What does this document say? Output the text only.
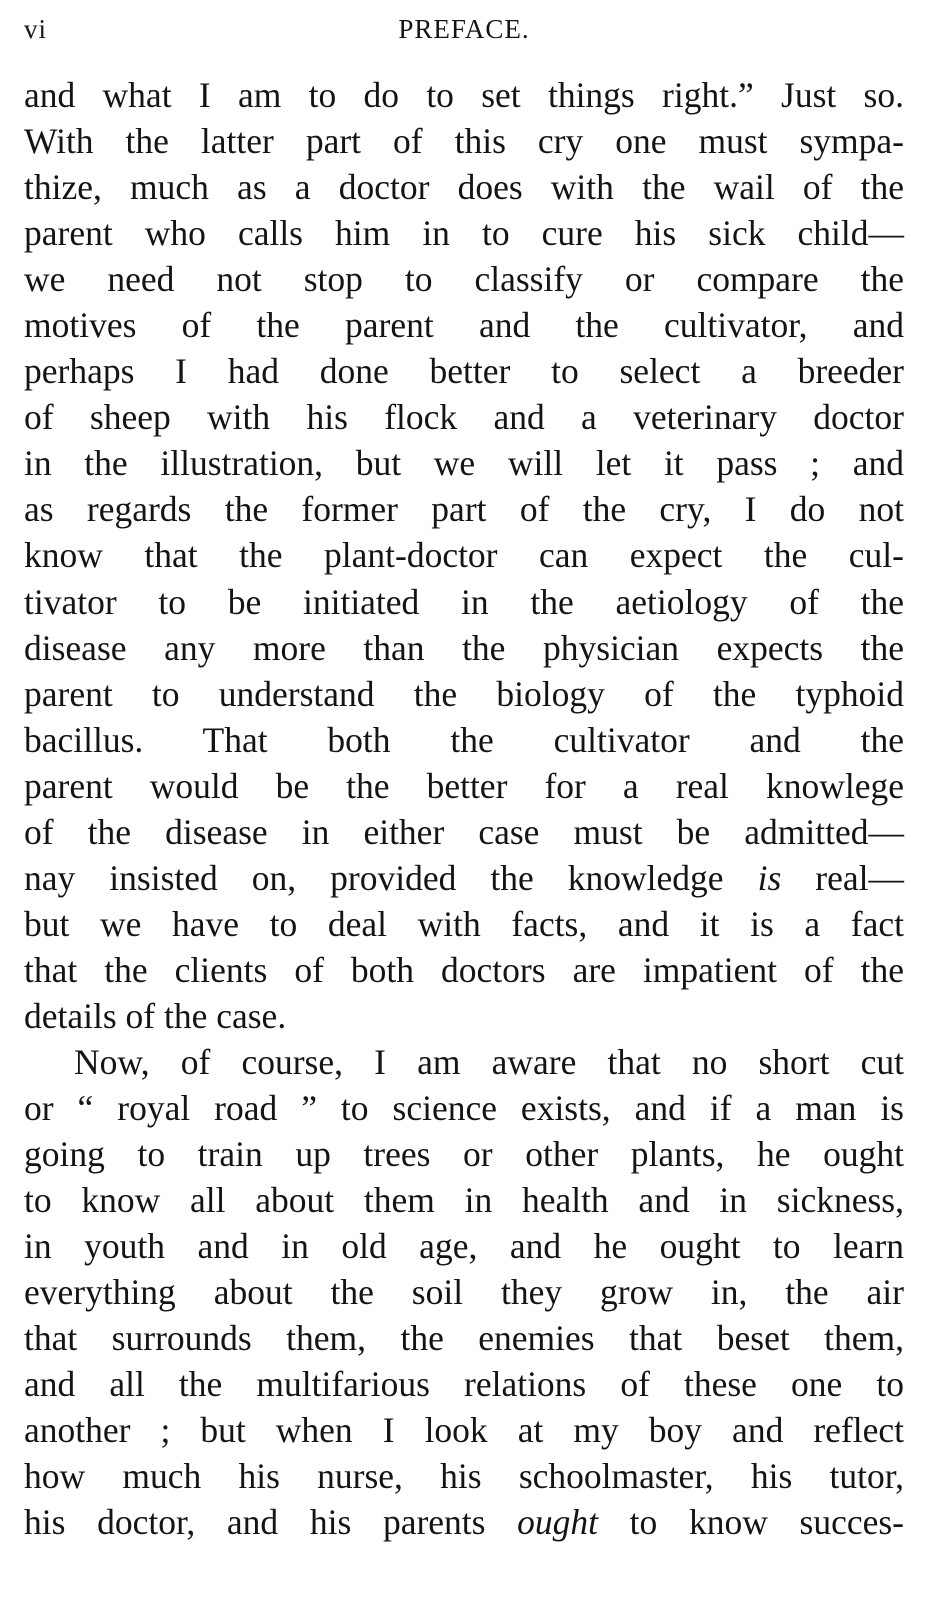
vi	PREFACE.
and what I am to do to set things right.” Just so.
With the latter part of this cry one must sympa-
thize, much as a doctor does with the wail of the
parent who calls him in to cure his sick child—
we need not stop to classify or compare the
motives of the parent and the cultivator, and
perhaps I had done better to select a breeder
of sheep with his flock and a veterinary doctor
in the illustration, but we will let it pass ; and
as regards the former part of the cry, I do not
know that the plant-doctor can expect the cul-
tivator to be initiated in the aetiology of the
disease any more than the physician expects the
parent to understand the biology of the typhoid
bacillus. That both the cultivator and the
parent would be the better for a real knowlege
of the disease in either case must be admitted—
nay insisted on, provided the knowledge is real—
but we have to deal with facts, and it is a fact
that the clients of both doctors are impatient of the
details of the case.
Now, of course, I am aware that no short cut
or “ royal road ” to science exists, and if a man is
going to train up trees or other plants, he ought
to know all about them in health and in sickness,
in youth and in old age, and he ought to learn
everything about the soil they grow in, the air
that surrounds them, the enemies that beset them,
and all the multifarious relations of these one to
another ; but when I look at my boy and reflect
how much his nurse, his schoolmaster, his tutor,
his doctor, and his parents ought to know succes-
